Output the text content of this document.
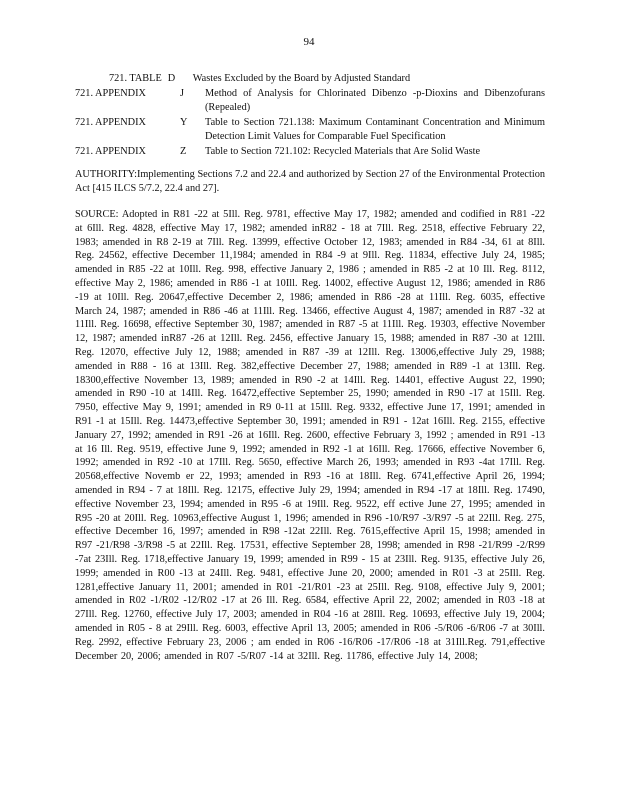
94
721. TABLE D	Wastes Excluded by the Board by Adjusted Standard
721. APPENDIX	J	Method of Analysis for Chlorinated Dibenzo -p-Dioxins and Dibenzofurans (Repealed)
721. APPENDIX	Y	Table to Section 721.138: Maximum Contaminant Concentration and Minimum Detection Limit Values for Comparable Fuel Specification
721. APPENDIX	Z	Table to Section 721.102: Recycled Materials that Are Solid Waste
AUTHORITY:Implementing Sections 7.2 and 22.4 and authorized by Section 27 of the Environmental Protection Act [415 ILCS 5/7.2, 22.4 and 27].
SOURCE: Adopted in R81 -22 at 5Ill. Reg. 9781, effective May 17, 1982; amended and codified in R81 -22 at 6Ill. Reg. 4828, effective May 17, 1982; amended inR82 - 18 at 7Ill. Reg. 2518, effective February 22, 1983; amended in R8 2-19 at 7Ill. Reg. 13999, effective October 12, 1983; amended in R84 -34, 61 at 8Ill. Reg. 24562, effective December 11,1984; amended in R84 -9 at 9Ill. Reg. 11834, effective July 24, 1985; amended in R85 -22 at 10Ill. Reg. 998, effective January 2, 1986 ; amended in R85 -2 at 10 Ill. Reg. 8112, effective May 2, 1986; amended in R86 -1 at 10Ill. Reg. 14002, effective August 12, 1986; amended in R86 -19 at 10Ill. Reg. 20647,effective December 2, 1986; amended in R86 -28 at 11Ill. Reg. 6035, effective March 24, 1987; amended in R86 -46 at 11Ill. Reg. 13466, effective August 4, 1987; amended in R87 -32 at 11Ill. Reg. 16698, effective September 30, 1987; amended in R87 -5 at 11Ill. Reg. 19303, effective November 12, 1987; amended inR87 -26 at 12Ill. Reg. 2456, effective January 15, 1988; amended in R87 -30 at 12Ill. Reg. 12070, effective July 12, 1988; amended in R87 -39 at 12Ill. Reg. 13006,effective July 29, 1988; amended in R88 - 16 at 13Ill. Reg. 382,effective December 27, 1988; amended in R89 -1 at 13Ill. Reg. 18300,effective November 13, 1989; amended in R90 -2 at 14Ill. Reg. 14401, effective August 22, 1990; amended in R90 -10 at 14Ill. Reg. 16472,effective September 25, 1990; amended in R90 -17 at 15Ill. Reg. 7950, effective May 9, 1991; amended in R9 0-11 at 15Ill. Reg. 9332, effective June 17, 1991; amended in R91 -1 at 15Ill. Reg. 14473,effective September 30, 1991; amended in R91 - 12at 16Ill. Reg. 2155, effective January 27, 1992; amended in R91 -26 at 16Ill. Reg. 2600, effective February 3, 1992 ; amended in R91 -13 at 16 Ill. Reg. 9519, effective June 9, 1992; amended in R92 -1 at 16Ill. Reg. 17666, effective November 6, 1992; amended in R92 -10 at 17Ill. Reg. 5650, effective March 26, 1993; amended in R93 -4at 17Ill. Reg. 20568,effective Novemb er 22, 1993; amended in R93 -16 at 18Ill. Reg. 6741,effective April 26, 1994; amended in R94 - 7 at 18Ill. Reg. 12175, effective July 29, 1994; amended in R94 -17 at 18Ill. Reg. 17490, effective November 23, 1994; amended in R95 -6 at 19Ill. Reg. 9522, eff ective June 27, 1995; amended in R95 -20 at 20Ill. Reg. 10963,effective August 1, 1996; amended in R96 -10/R97 -3/R97 -5 at 22Ill. Reg. 275, effective December 16, 1997; amended in R98 -12at 22Ill. Reg. 7615,effective April 15, 1998; amended in R97 -21/R98 -3/R98 -5 at 22Ill. Reg. 17531, effective September 28, 1998; amended in R98 -21/R99 -2/R99 -7at 23Ill. Reg. 1718,effective January 19, 1999; amended in R99 - 15 at 23Ill. Reg. 9135, effective July 26, 1999; amended in R00 -13 at 24Ill. Reg. 9481, effective June 20, 2000; amended in R01 -3 at 25Ill. Reg. 1281,effective January 11, 2001; amended in R01 -21/R01 -23 at 25Ill. Reg. 9108, effective July 9, 2001; amended in R02 -1/R02 -12/R02 -17 at 26 Ill. Reg. 6584, effective April 22, 2002; amended in R03 -18 at 27Ill. Reg. 12760, effective July 17, 2003; amended in R04 -16 at 28Ill. Reg. 10693, effective July 19, 2004; amended in R05 - 8 at 29Ill. Reg. 6003, effective April 13, 2005; amended in R06 -5/R06 -6/R06 -7 at 30Ill. Reg. 2992, effective February 23, 2006 ; am ended in R06 -16/R06 -17/R06 -18 at 31Ill.Reg. 791,effective December 20, 2006; amended in R07 -5/R07 -14 at 32Ill. Reg. 11786, effective July 14, 2008;
